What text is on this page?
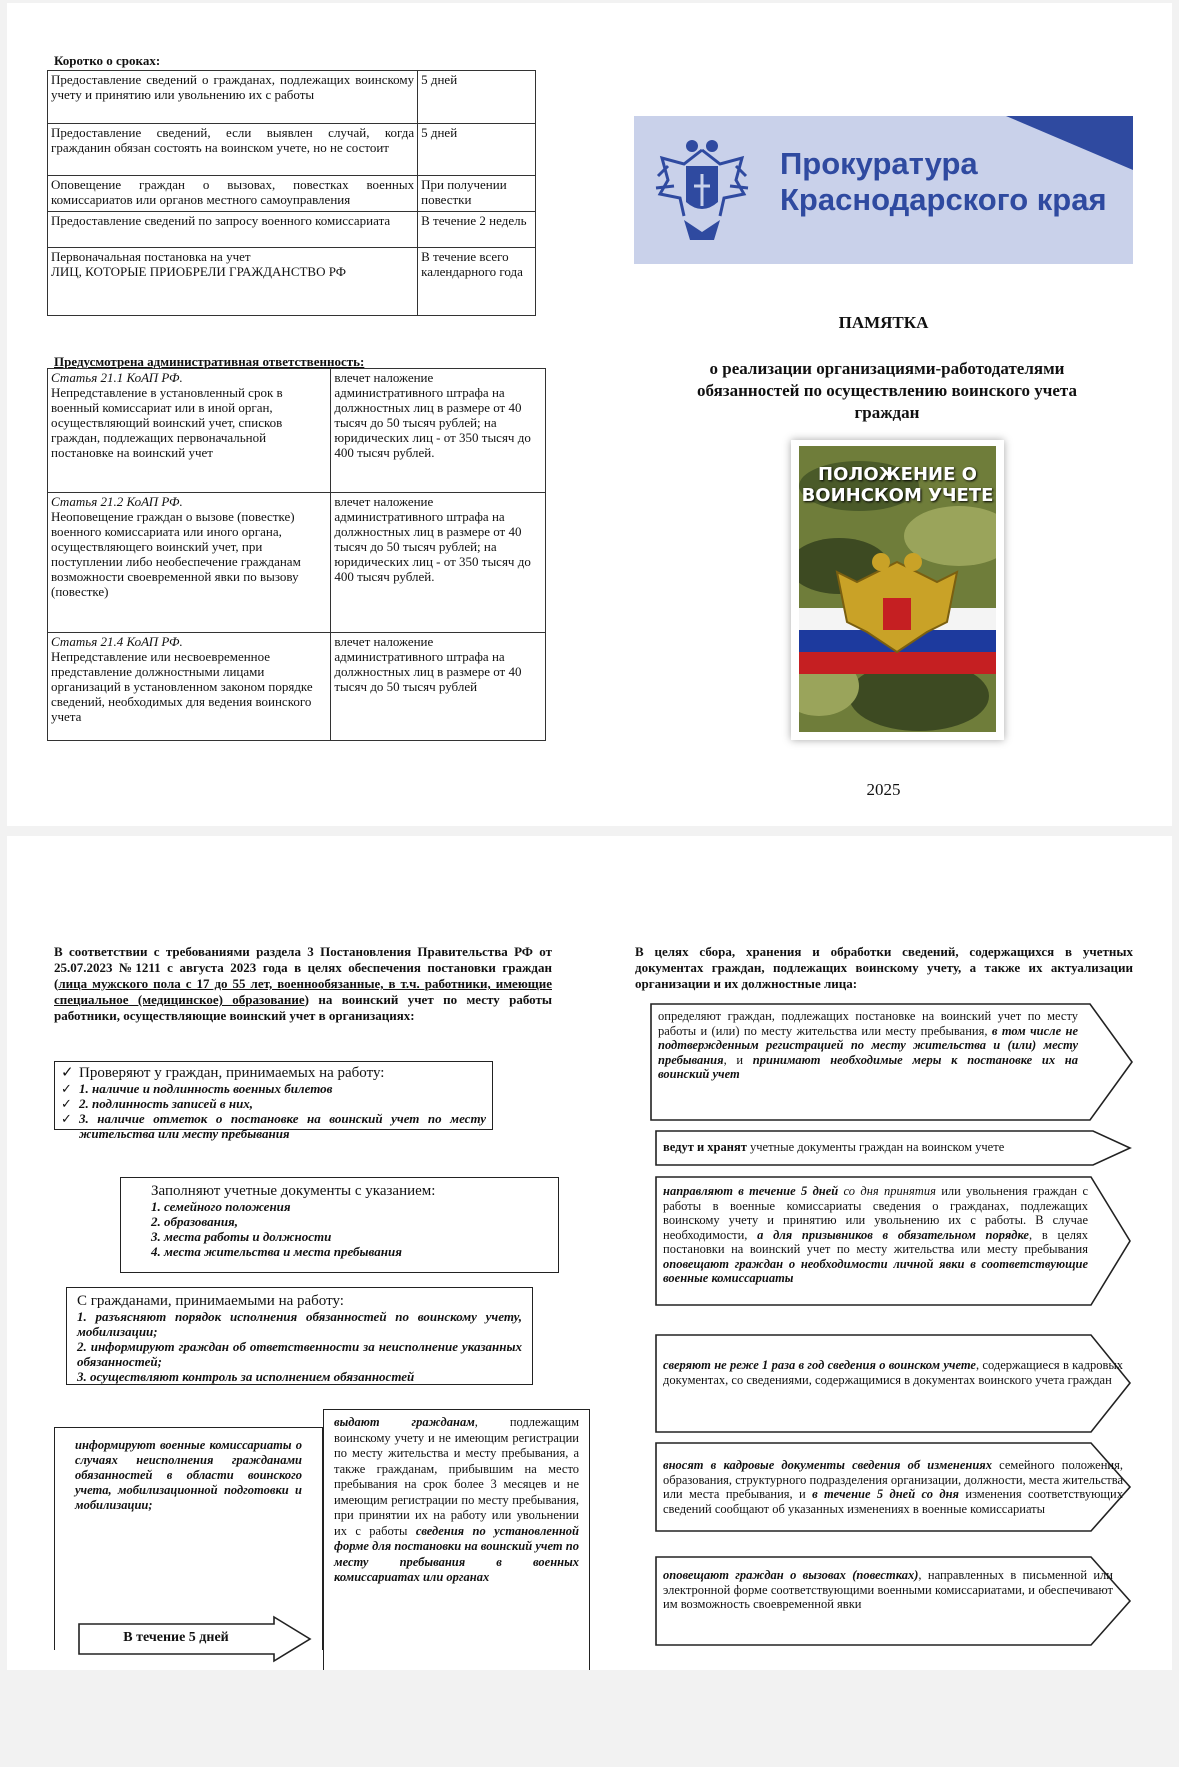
Коротко о сроках:
Предоставление сведений о гражданах, подлежащих воинскому учету и принятию или увольнению их с работы	5 дней
Предоставление сведений, если выявлен случай, когда гражданин обязан состоять на воинском учете, но не состоит	5 дней
Оповещение граждан о вызовах, повестках военных комиссариатов или органов местного самоуправления	При получении повестки
Предоставление сведений по запросу военного комиссариата	В течение 2 недель
Первоначальная постановка на учет
ЛИЦ, КОТОРЫЕ ПРИОБРЕЛИ ГРАЖДАНСТВО РФ	В течение всего календарного года
Предусмотрена административная ответственность:
Статья 21.1 КоАП РФ.
Непредставление в установленный срок в военный комиссариат или в иной орган, осуществляющий воинский учет, списков граждан, подлежащих первоначальной постановке на воинский учет	влечет наложение административного штрафа на должностных лиц в размере от 40 тысяч до 50 тысяч рублей; на юридических лиц - от 350 тысяч до 400 тысяч рублей.
Статья 21.2 КоАП РФ.
Неоповещение граждан о вызове (повестке) военного комиссариата или иного органа, осуществляющего воинский учет, при поступлении либо необеспечение гражданам возможности своевременной явки по вызову (повестке)	влечет наложение административного штрафа на должностных лиц в размере от 40 тысяч до 50 тысяч рублей; на юридических лиц - от 350 тысяч до 400 тысяч рублей.
Статья 21.4 КоАП РФ.
Непредставление или несвоевременное представление должностными лицами организаций в установленном законом порядке сведений, необходимых для ведения воинского учета	влечет наложение административного штрафа на должностных лиц в размере от 40 тысяч до 50 тысяч рублей
Прокуратура
Краснодарского края
ПАМЯТКА
о реализации организациями-работодателями обязанностей по осуществлению воинского учета граждан
ПОЛОЖЕНИЕ О ВОИНСКОМ УЧЕТЕ
2025
В соответствии с требованиями раздела 3 Постановления Правительства РФ от 25.07.2023 №1211 с августа 2023 года в целях обеспечения постановки граждан (лица мужского пола с 17 до 55 лет, военнообязанные, в т.ч. работники, имеющие специальное (медицинское) образование) на воинский учет по месту работы работники, осуществляющие воинский учет в организациях:
✓ Проверяют у граждан, принимаемых на работу:
✓ 1. наличие и подлинность военных билетов
✓ 2. подлинность записей в них,
✓ 3. наличие отметок о постановке на воинский учет по месту жительства или месту пребывания
Заполняют учетные документы с указанием:
1. семейного положения
2. образования,
3. места работы и должности
4. места жительства и места пребывания
С гражданами, принимаемыми на работу:
1. разъясняют порядок исполнения обязанностей по воинскому учету, мобилизации;
2. информируют граждан об ответственности за неисполнение указанных обязанностей;
3. осуществляют контроль за исполнением обязанностей
информируют военные комиссариаты о случаях неисполнения гражданами обязанностей в области воинского учета, мобилизационной подготовки и мобилизации;
В течение 5 дней
выдают гражданам, подлежащим воинскому учету и не имеющим регистрации по месту жительства и месту пребывания, а также гражданам, прибывшим на место пребывания на срок более 3 месяцев и не имеющим регистрации по месту пребывания, при принятии их на работу или увольнении их с работы сведения по установленной форме для постановки на воинский учет по месту пребывания в военных комиссариатах или органах
В целях сбора, хранения и обработки сведений, содержащихся в учетных документах граждан, подлежащих воинскому учету, а также их актуализации организации и их должностные лица:
определяют граждан, подлежащих постановке на воинский учет по месту работы и (или) по месту жительства или месту пребывания, в том числе не подтвержденным регистрацией по месту жительства и (или) месту пребывания, и принимают необходимые меры к постановке их на воинский учет
ведут и хранят учетные документы граждан на воинском учете
направляют в течение 5 дней со дня принятия или увольнения граждан с работы в военные комиссариаты сведения о гражданах, подлежащих воинскому учету и принятию или увольнению их с работы. В случае необходимости, а для призывников в обязательном порядке, в целях постановки на воинский учет по месту жительства или месту пребывания оповещают граждан о необходимости личной явки в соответствующие военные комиссариаты
сверяют не реже 1 раза в год сведения о воинском учете, содержащиеся в кадровых документах, со сведениями, содержащимися в документах воинского учета граждан
вносят в кадровые документы сведения об изменениях семейного положения, образования, структурного подразделения организации, должности, места жительства или места пребывания, и в течение 5 дней со дня изменения соответствующих сведений сообщают об указанных изменениях в военные комиссариаты
оповещают граждан о вызовах (повестках), направленных в письменной или электронной форме соответствующими военными комиссариатами, и обеспечивают им возможность своевременной явки
